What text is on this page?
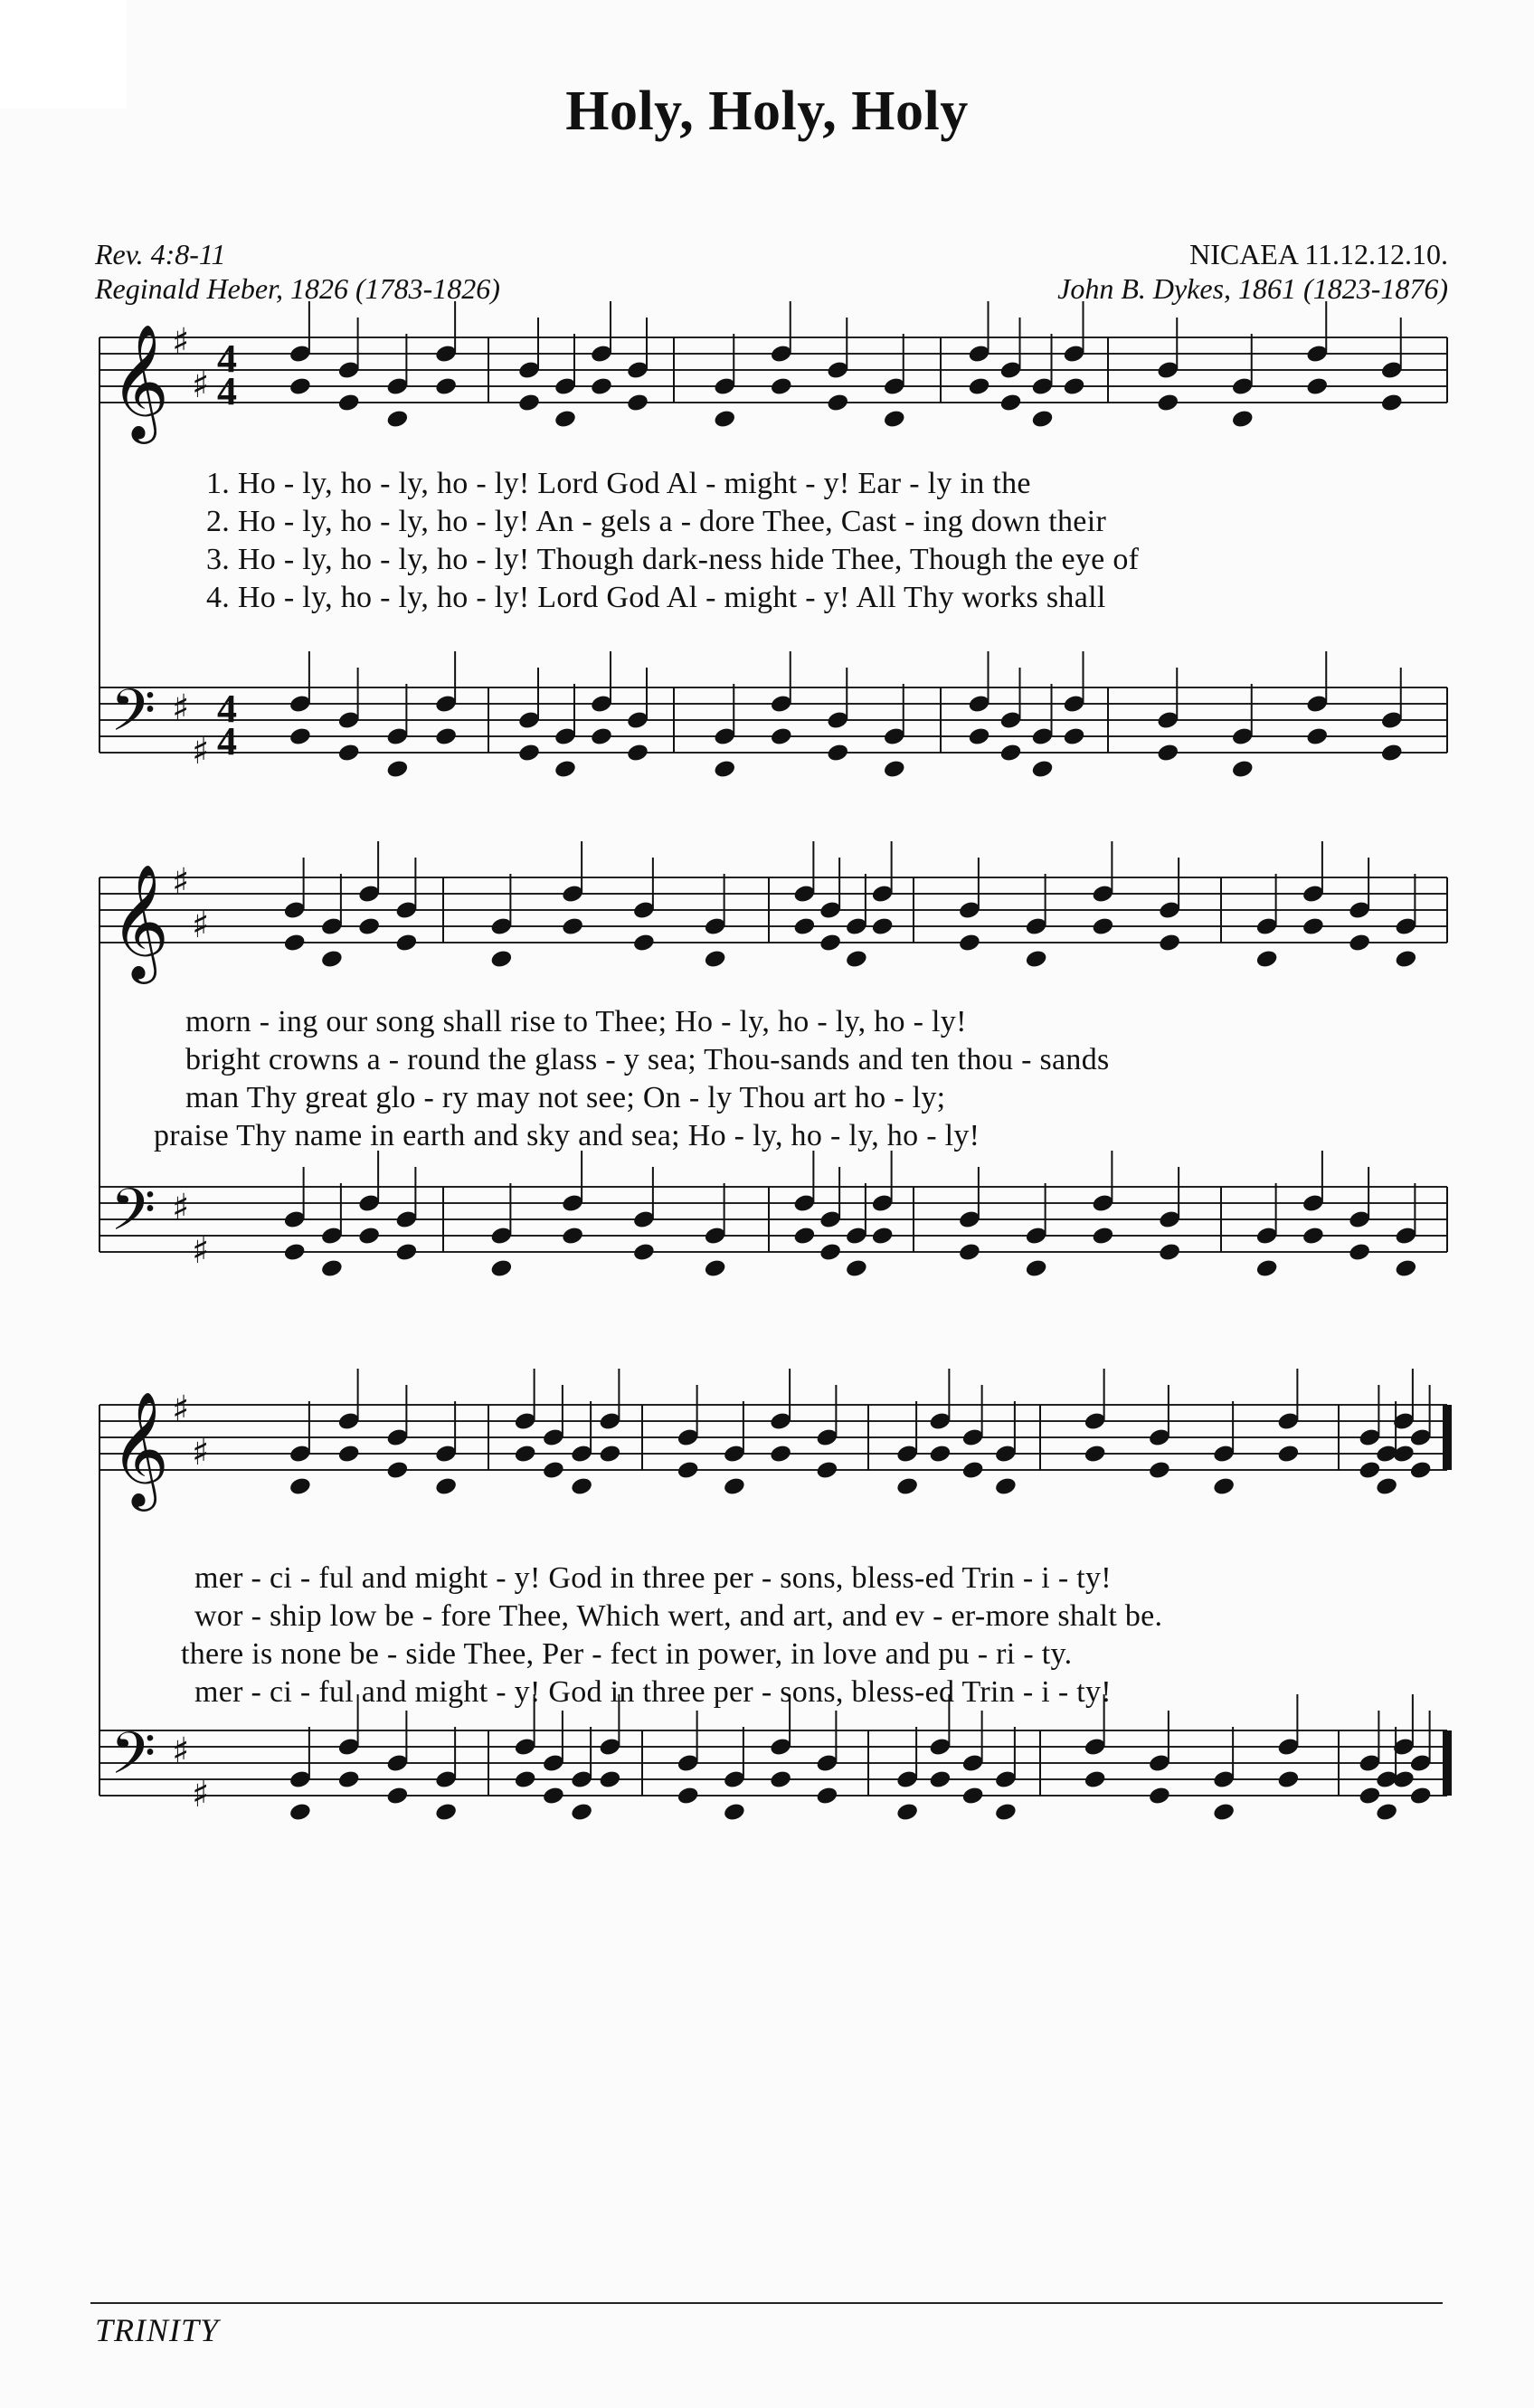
Holy, Holy, Holy
Rev. 4:8-11
Reginald Heber, 1826 (1783-1826)
NICAEA 11.12.12.10.
John B. Dykes, 1861 (1823-1876)
𝄞 ♯
♯
4
4
𝄢 ♯
♯
4
4
𝄞 ♯
♯
𝄢 ♯
♯
𝄞 ♯
♯
𝄢 ♯
♯
1. Ho - ly, ho - ly, ho - ly! Lord God Al - might - y! Ear - ly in the
2. Ho - ly, ho - ly, ho - ly! An - gels a - dore Thee, Cast - ing down their
3. Ho - ly, ho - ly, ho - ly! Though dark-ness hide Thee, Though the eye of
4. Ho - ly, ho - ly, ho - ly! Lord God Al - might - y! All Thy works shall
morn - ing our song shall rise to Thee; Ho - ly, ho - ly, ho - ly!
bright crowns a - round the glass - y sea; Thou-sands and ten thou - sands
man Thy great glo - ry may not see; On - ly Thou art ho - ly;
praise Thy name in earth and sky and sea; Ho - ly, ho - ly, ho - ly!
mer - ci - ful and might - y! God in three per - sons, bless-ed Trin - i - ty!
wor - ship low be - fore Thee, Which wert, and art, and ev - er-more shalt be.
there is none be - side Thee, Per - fect in power, in love and pu - ri - ty.
mer - ci - ful and might - y! God in three per - sons, bless-ed Trin - i - ty!
TRINITY
